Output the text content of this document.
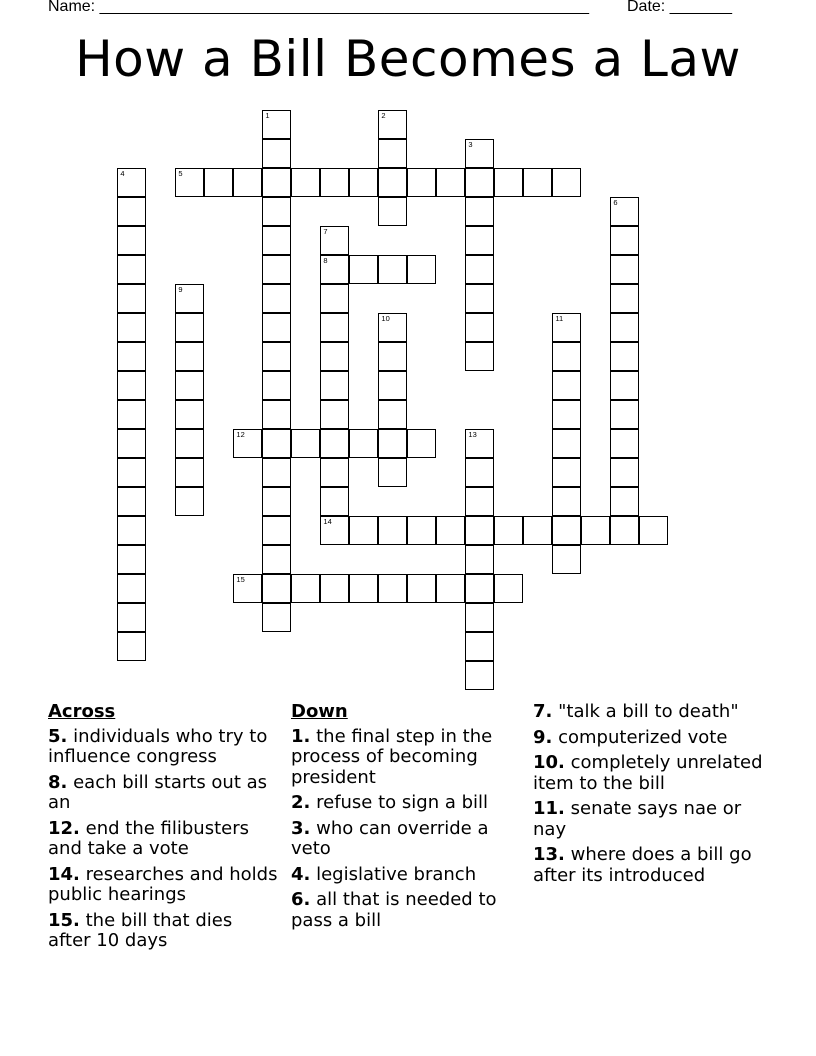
Name: _______________________________________________________ Date: _______
How a Bill Becomes a Law
1	2
3
4	5
6
7
8
14
9
10	11
12	13
15
Across
5. individuals who try to influence congress
8. each bill starts out as an
12. end the filibusters and take a vote
14. researches and holds public hearings
15. the bill that dies after 10 days
Down
1. the final step in the process of becoming president
2. refuse to sign a bill
3. who can override a veto
4. legislative branch
6. all that is needed to pass a bill
7. "talk a bill to death"
9. computerized vote
10. completely unrelated item to the bill
11. senate says nae or nay
13. where does a bill go after its introduced
